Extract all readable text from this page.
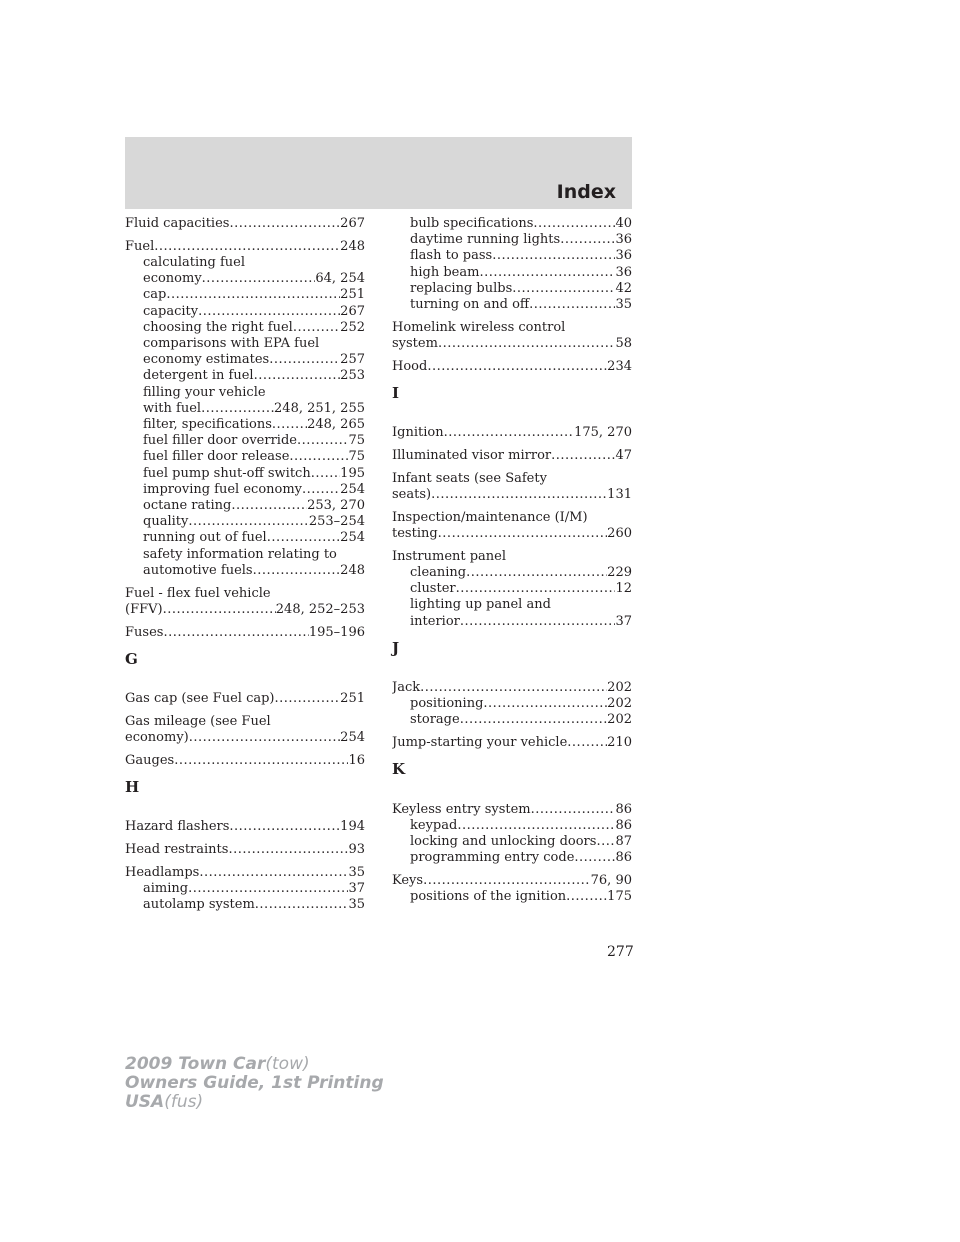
Index
Fluid capacities .....	267
Fuel .....	248
calculating fuel
economy .....	64, 254
cap .....	251
capacity .....	267
choosing the right fuel .....	252
comparisons with EPA fuel
economy estimates .....	257
detergent in fuel .....	253
filling your vehicle
with fuel .....	248, 251, 255
filter, specifications .....	248, 265
fuel filler door override .....	75
fuel filler door release .....	75
fuel pump shut-off switch ..... 195
improving fuel economy .....	254
octane rating .....	253, 270
quality .....	253–254
running out of fuel .....	254
safety information relating to
automotive fuels .....	248
Fuel - flex fuel vehicle
(FFV) .....	248, 252–253
Fuses .....	195–196
G
Gas cap (see Fuel cap) .....	251
Gas mileage (see Fuel
economy) .....	254
Gauges .....	16
H
Hazard flashers .....	194
Head restraints .....	93
Headlamps .....	35
aiming .....	37
autolamp system .....	35
bulb specifications .....	40
daytime running lights .....	36
flash to pass .....	36
high beam .....	36
replacing bulbs .....	42
turning on and off .....	35
Homelink wireless control
system .....	58
Hood .....	234
I
Ignition .....	175, 270
Illuminated visor mirror .....	47
Infant seats (see Safety
seats) .....	131
Inspection/maintenance (I/M)
testing .....	260
Instrument panel
cleaning .....	229
cluster .....	12
lighting up panel and
interior .....	37
J
Jack .....	202
positioning .....	202
storage .....	202
Jump-starting your vehicle .....	210
K
Keyless entry system .....	86
keypad .....	86
locking and unlocking doors ..... 87
programming entry code .....	86
Keys .....	76, 90
positions of the ignition .....	175
277
2009 Town Car(tow)
Owners Guide, 1st Printing
USA(fus)
